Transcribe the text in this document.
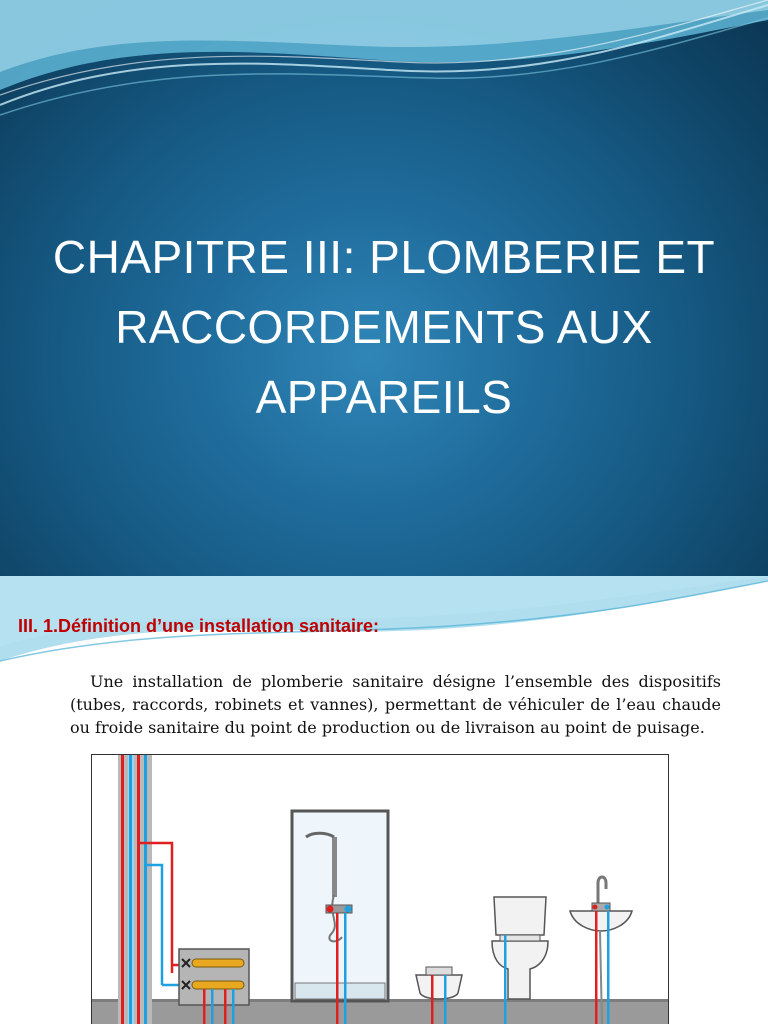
CHAPITRE III: PLOMBERIE ET RACCORDEMENTS AUX APPAREILS
III. 1.Définition d’une installation sanitaire:

Une installation de plomberie sanitaire désigne l’ensemble des dispositifs (tubes, raccords, robinets et vannes), permettant de véhiculer de l’eau chaude ou froide sanitaire du point de production ou de livraison au point de puisage.
